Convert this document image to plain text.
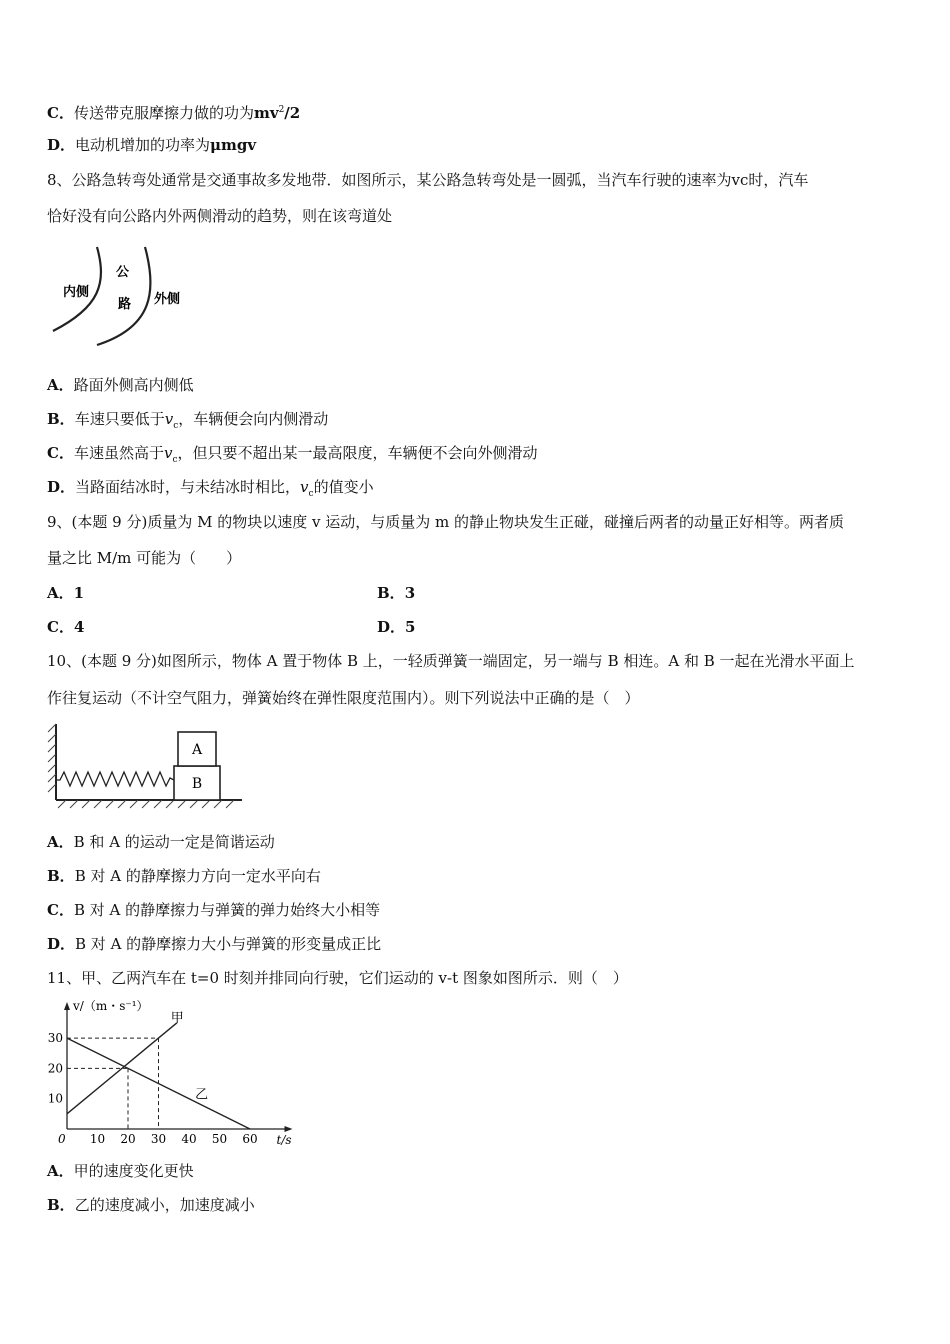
C．传送带克服摩擦力做的功为$mv^2/2$
D．电动机增加的功率为μmgv
8、公路急转弯处通常是交通事故多发地带．如图所示，某公路急转弯处是一圆弧，当汽车行驶的速率为vc时，汽车
恰好没有向公路内外两侧滑动的趋势，则在该弯道处
内侧
公
路 外侧
A．路面外侧高内侧低
B．车速只要低于$v_c$，车辆便会向内侧滑动
C．车速虽然高于$v_c$，但只要不超出某一最高限度，车辆便不会向外侧滑动
D．当路面结冰时，与未结冰时相比，$v_c$的值变小
9、(本题 9 分)质量为 M 的物块以速度 v 运动，与质量为 m 的静止物块发生正碰，碰撞后两者的动量正好相等。两者质
量之比 M/m 可能为（　　）
A．1	B．3
C．4	D．5
10、(本题 9 分)如图所示，物体 A 置于物体 B 上，一轻质弹簧一端固定，另一端与 B 相连。A 和 B 一起在光滑水平面上
作往复运动（不计空气阻力，弹簧始终在弹性限度范围内）。则下列说法中正确的是（　）
A
B
A．B 和 A 的运动一定是简谐运动
B．B 对 A 的静摩擦力方向一定水平向右
C．B 对 A 的静摩擦力与弹簧的弹力始终大小相等
D．B 对 A 的静摩擦力大小与弹簧的形变量成正比
11、甲、乙两汽车在 t=0 时刻并排同向行驶，它们运动的 v-t 图象如图所示．则（　）
v/（m・s⁻¹）
t/s
0 10 20 30 40 50 60
10
20
30
甲
乙
A．甲的速度变化更快
B．乙的速度减小，加速度减小
